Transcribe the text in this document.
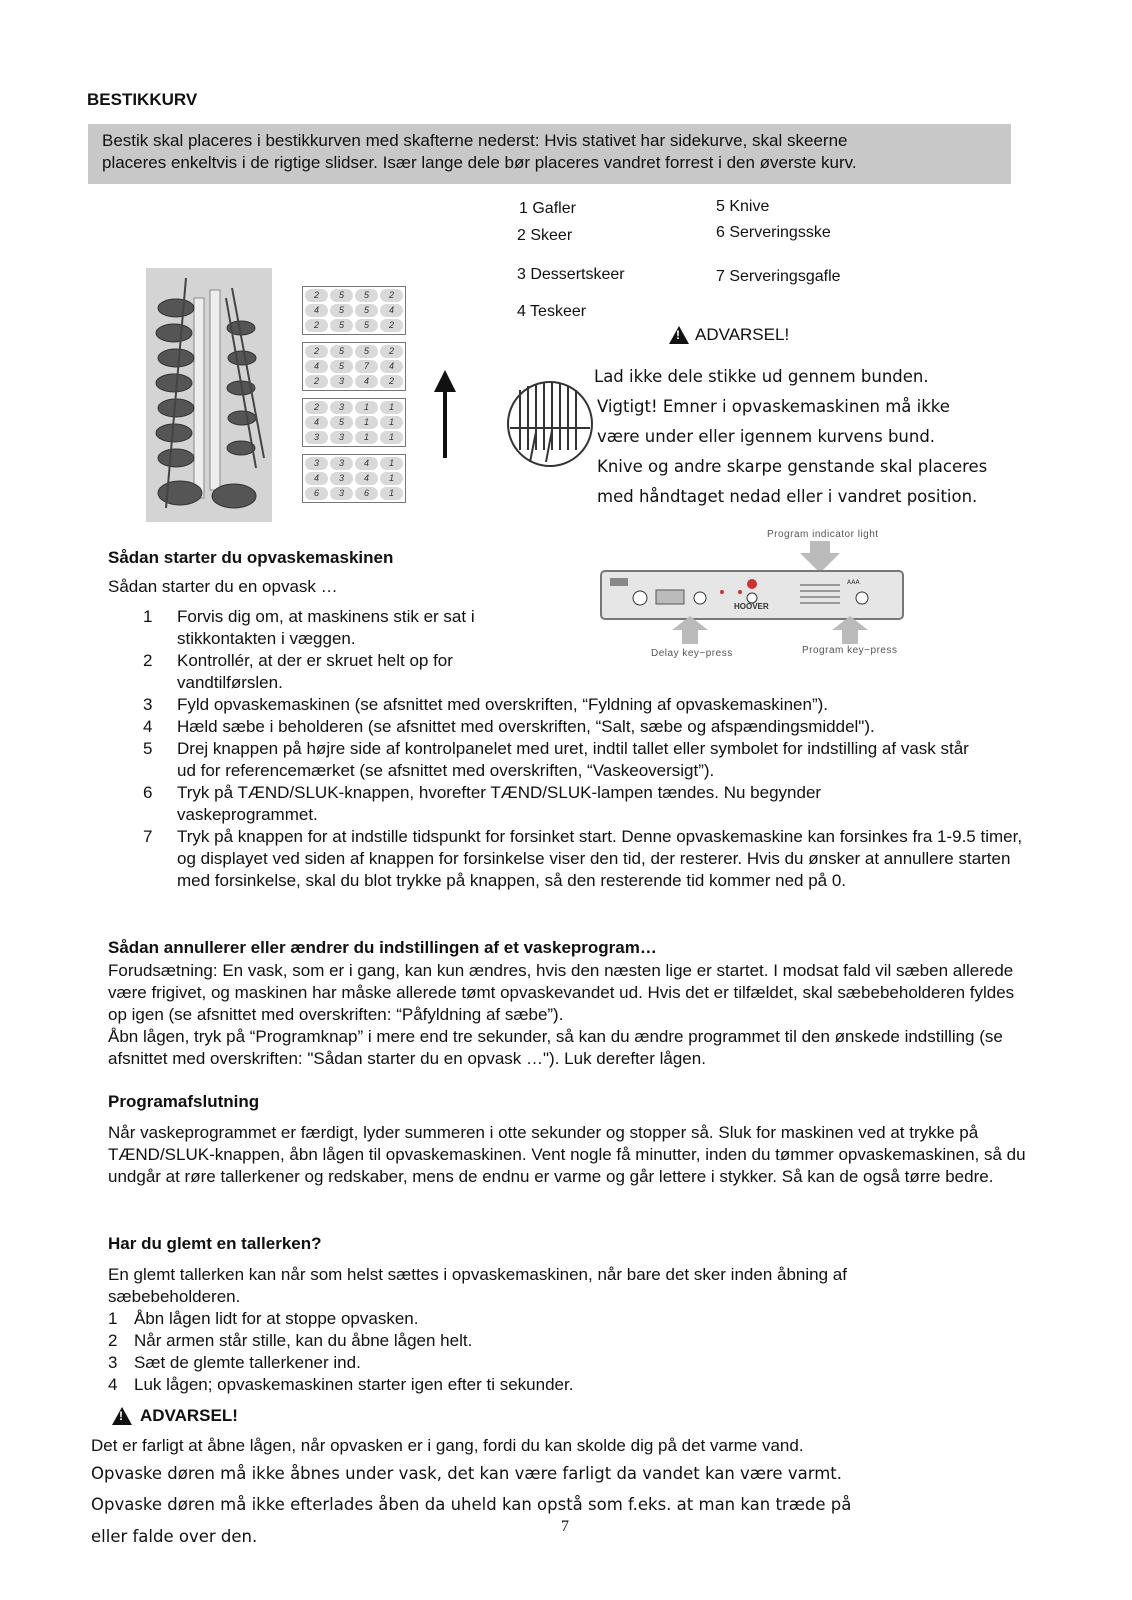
BESTIKKURV
Bestik skal placeres i bestikkurven med skafterne nederst: Hvis stativet har sidekurve, skal skeerne
placeres enkeltvis i de rigtige slidser. Især lange dele bør placeres vandret forrest i den øverste kurv.
1 Gafler
2 Skeer
3 Dessertskeer
4 Teskeer
5 Knive
6 Serveringsske
7 Serveringsgafle
2	5	5	2
4	5	5	4
2	5	5	2
2	5	5	2
4	5	7	4
2	3	4	2
2	3	1	1
4	5	1	1
3	3	1	1
3	3	4	1
4	3	4	1
6	3	6	1
!
ADVARSEL!
Lad ikke dele stikke ud gennem bunden.
Vigtigt! Emner i opvaskemaskinen må ikke
være under eller igennem kurvens bund.
Knive og andre skarpe genstande skal placeres
med håndtaget nedad eller i vandret position.
Program indicator light
AAA
HOOVER
Delay key−press	Program key−press
Sådan starter du opvaskemaskinen
Sådan starter du en opvask …
1 Forvis dig om, at maskinens stik er sat i stikkontakten i væggen.
2 Kontrollér, at der er skruet helt op for vandtilførslen.
3 Fyld opvaskemaskinen (se afsnittet med overskriften, “Fyldning af opvaskemaskinen”).
4 Hæld sæbe i beholderen (se afsnittet med overskriften, “Salt, sæbe og afspændingsmiddel").
5 Drej knappen på højre side af kontrolpanelet med uret, indtil tallet eller symbolet for indstilling af vask står ud for referencemærket (se afsnittet med overskriften, “Vaskeoversigt”).
6 Tryk på TÆND/SLUK-knappen, hvorefter TÆND/SLUK-lampen tændes. Nu begynder vaskeprogrammet.
7 Tryk på knappen for at indstille tidspunkt for forsinket start. Denne opvaskemaskine kan forsinkes fra 1-9.5 timer, og displayet ved siden af knappen for forsinkelse viser den tid, der resterer. Hvis du ønsker at annullere starten med forsinkelse, skal du blot trykke på knappen, så den resterende tid kommer ned på 0.
Sådan annullerer eller ændrer du indstillingen af et vaskeprogram…
Forudsætning: En vask, som er i gang, kan kun ændres, hvis den næsten lige er startet. I modsat fald vil sæben allerede være frigivet, og maskinen har måske allerede tømt opvaskevandet ud. Hvis det er tilfældet, skal sæbebeholderen fyldes op igen (se afsnittet med overskriften: “Påfyldning af sæbe”).
Åbn lågen, tryk på “Programknap” i mere end tre sekunder, så kan du ændre programmet til den ønskede indstilling (se afsnittet med overskriften: "Sådan starter du en opvask …"). Luk derefter lågen.
Programafslutning
Når vaskeprogrammet er færdigt, lyder summeren i otte sekunder og stopper så. Sluk for maskinen ved at trykke på TÆND/SLUK-knappen, åbn lågen til opvaskemaskinen. Vent nogle få minutter, inden du tømmer opvaskemaskinen, så du undgår at røre tallerkener og redskaber, mens de endnu er varme og går lettere i stykker. Så kan de også tørre bedre.
Har du glemt en tallerken?
En glemt tallerken kan når som helst sættes i opvaskemaskinen, når bare det sker inden åbning af sæbebeholderen.
1 Åbn lågen lidt for at stoppe opvasken.
2 Når armen står stille, kan du åbne lågen helt.
3 Sæt de glemte tallerkener ind.
4 Luk lågen; opvaskemaskinen starter igen efter ti sekunder.
!
ADVARSEL!
Det er farligt at åbne lågen, når opvasken er i gang, fordi du kan skolde dig på det varme vand.
Opvaske døren må ikke åbnes under vask, det kan være farligt da vandet kan være varmt.
Opvaske døren må ikke efterlades åben da uheld kan opstå som f.eks. at man kan træde på
eller falde over den.
7
